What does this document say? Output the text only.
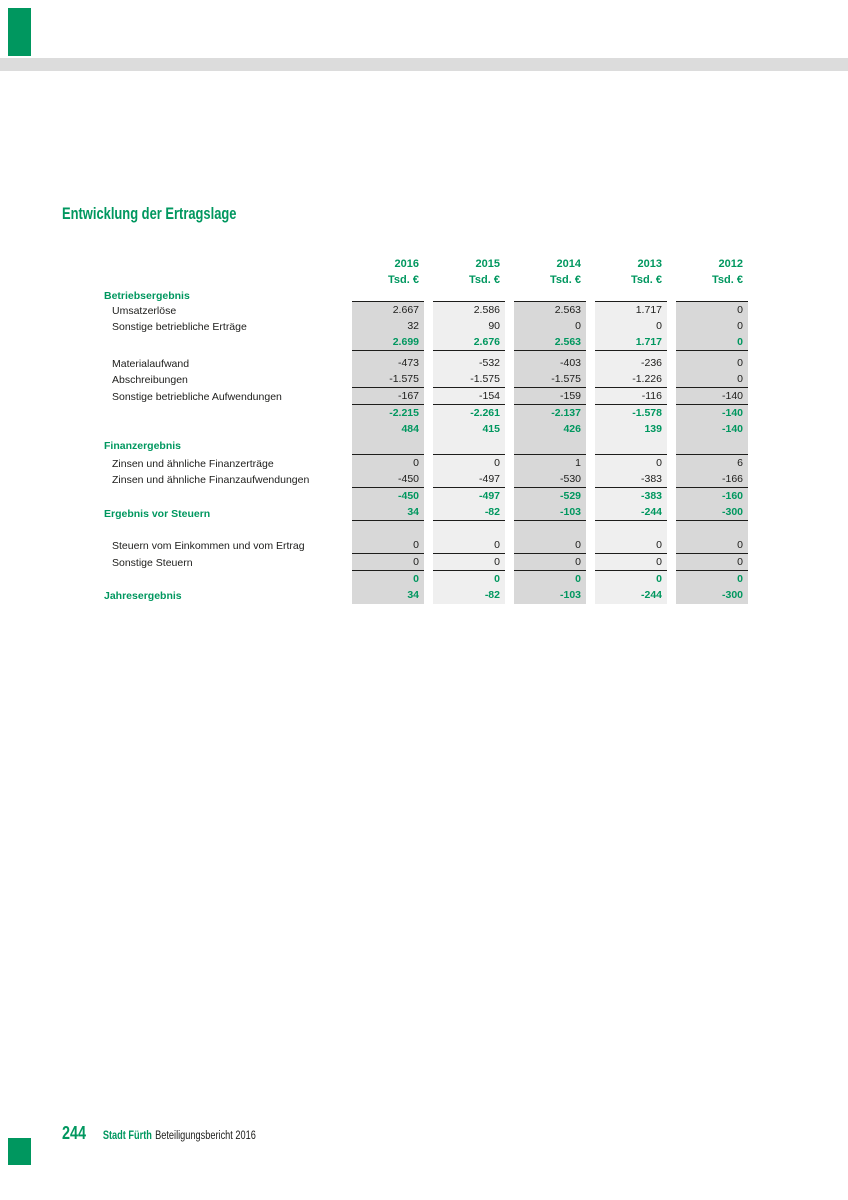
Entwicklung der Ertragslage
2016	2015	2014	2013	2012
Tsd. €	Tsd. €	Tsd. €	Tsd. €	Tsd. €
Betriebsergebnis
Umsatzerlöse	2.667	2.586	2.563	1.717	0
Sonstige betriebliche Erträge	32	90	0	0	0
2.699	2.676	2.563	1.717	0
Materialaufwand	-473	-532	-403	-236	0
Abschreibungen	-1.575	-1.575	-1.575	-1.226	0
Sonstige betriebliche Aufwendungen	-167	-154	-159	-116	-140
-2.215	-2.261	-2.137	-1.578	-140
484	415	426	139	-140
Finanzergebnis
Zinsen und ähnliche Finanzerträge	0	0	1	0	6
Zinsen und ähnliche Finanzaufwendungen	-450	-497	-530	-383	-166
-450	-497	-529	-383	-160
Ergebnis vor Steuern	34	-82	-103	-244	-300
Steuern vom Einkommen und vom Ertrag	0	0	0	0	0
Sonstige Steuern	0	0	0	0	0
0	0	0	0	0
Jahresergebnis	34	-82	-103	-244	-300
244 Stadt Fürth Beteiligungsbericht 2016
